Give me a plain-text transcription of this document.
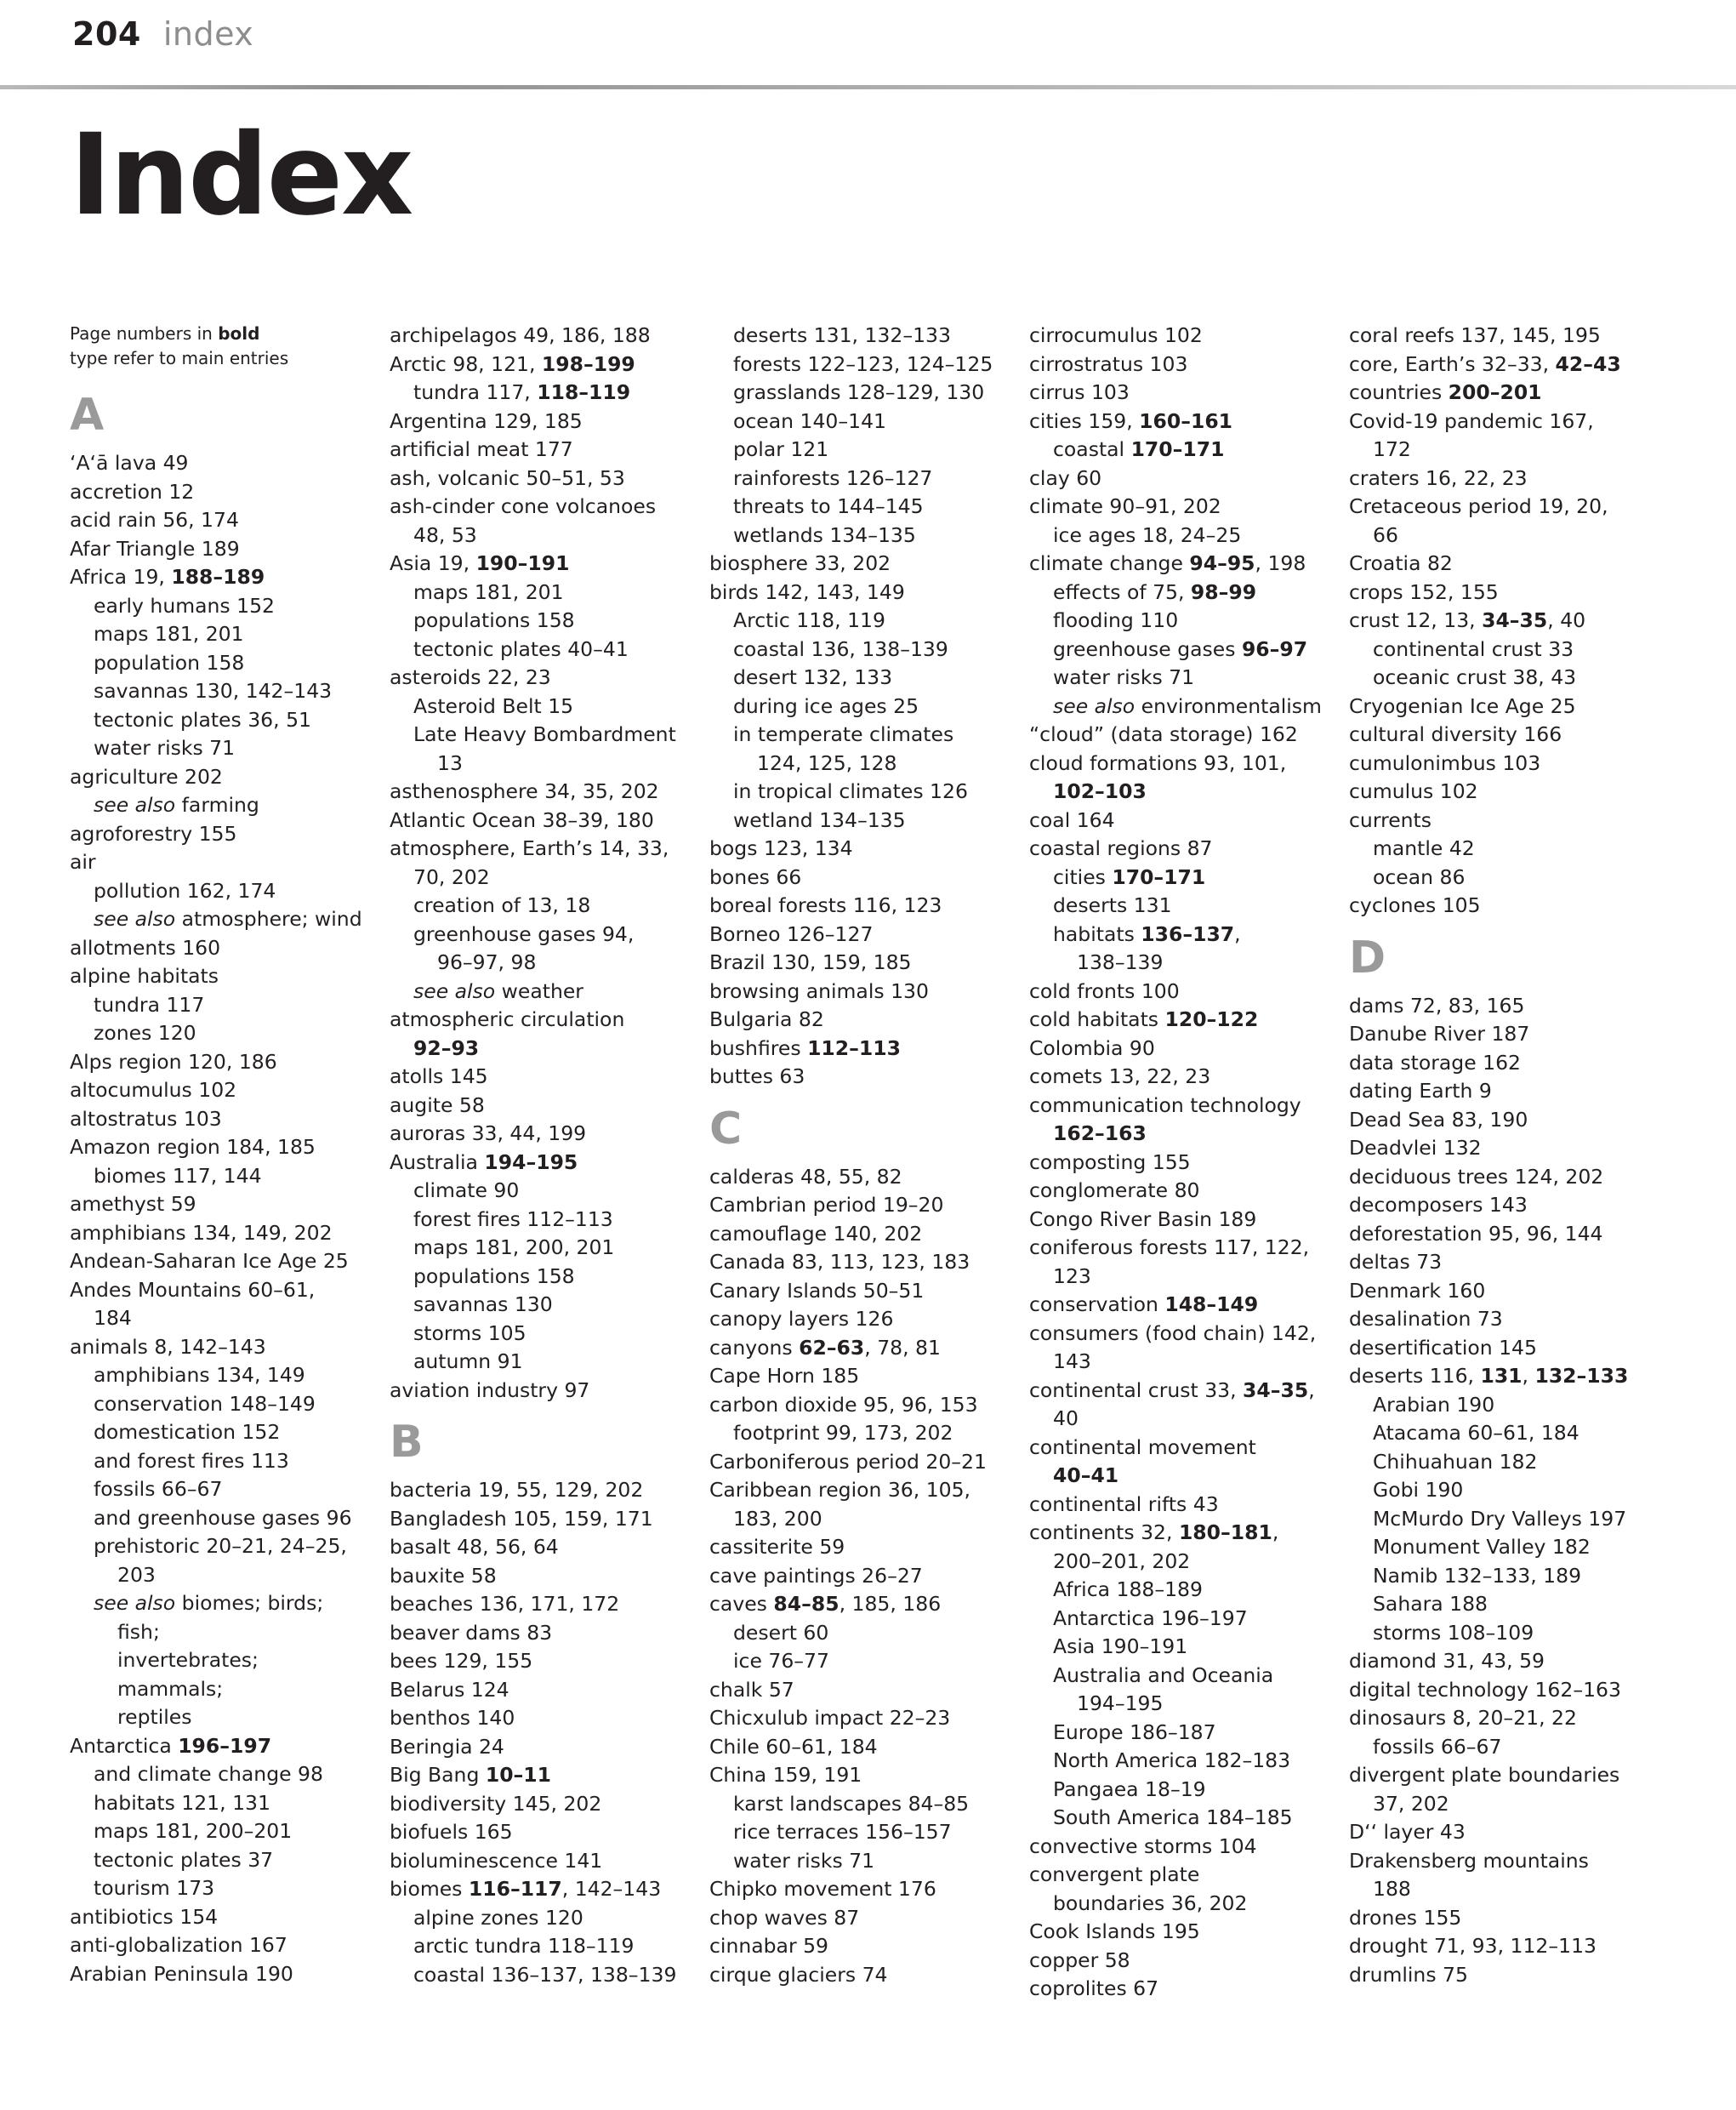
204 index
Index
Page numbers in bold
type refer to main entries
A
‘A‘ā lava 49
accretion 12
acid rain 56, 174
Afar Triangle 189
Africa 19, 188–189
early humans 152
maps 181, 201
population 158
savannas 130, 142–143
tectonic plates 36, 51
water risks 71
agriculture 202
see also farming
agroforestry 155
air
pollution 162, 174
see also atmosphere; wind
allotments 160
alpine habitats
tundra 117
zones 120
Alps region 120, 186
altocumulus 102
altostratus 103
Amazon region 184, 185
biomes 117, 144
amethyst 59
amphibians 134, 149, 202
Andean-Saharan Ice Age 25
Andes Mountains 60–61,
184
animals 8, 142–143
amphibians 134, 149
conservation 148–149
domestication 152
and forest fires 113
fossils 66–67
and greenhouse gases 96
prehistoric 20–21, 24–25,
203
see also biomes; birds;
fish;
invertebrates;
mammals;
reptiles
Antarctica 196–197
and climate change 98
habitats 121, 131
maps 181, 200–201
tectonic plates 37
tourism 173
antibiotics 154
anti-globalization 167
Arabian Peninsula 190
archipelagos 49, 186, 188
Arctic 98, 121, 198–199
tundra 117, 118–119
Argentina 129, 185
artificial meat 177
ash, volcanic 50–51, 53
ash-cinder cone volcanoes
48, 53
Asia 19, 190–191
maps 181, 201
populations 158
tectonic plates 40–41
asteroids 22, 23
Asteroid Belt 15
Late Heavy Bombardment
13
asthenosphere 34, 35, 202
Atlantic Ocean 38–39, 180
atmosphere, Earth’s 14, 33,
70, 202
creation of 13, 18
greenhouse gases 94,
96–97, 98
see also weather
atmospheric circulation
92–93
atolls 145
augite 58
auroras 33, 44, 199
Australia 194–195
climate 90
forest fires 112–113
maps 181, 200, 201
populations 158
savannas 130
storms 105
autumn 91
aviation industry 97
B
bacteria 19, 55, 129, 202
Bangladesh 105, 159, 171
basalt 48, 56, 64
bauxite 58
beaches 136, 171, 172
beaver dams 83
bees 129, 155
Belarus 124
benthos 140
Beringia 24
Big Bang 10–11
biodiversity 145, 202
biofuels 165
bioluminescence 141
biomes 116–117, 142–143
alpine zones 120
arctic tundra 118–119
coastal 136–137, 138–139
deserts 131, 132–133
forests 122–123, 124–125
grasslands 128–129, 130
ocean 140–141
polar 121
rainforests 126–127
threats to 144–145
wetlands 134–135
biosphere 33, 202
birds 142, 143, 149
Arctic 118, 119
coastal 136, 138–139
desert 132, 133
during ice ages 25
in temperate climates
124, 125, 128
in tropical climates 126
wetland 134–135
bogs 123, 134
bones 66
boreal forests 116, 123
Borneo 126–127
Brazil 130, 159, 185
browsing animals 130
Bulgaria 82
bushfires 112–113
buttes 63
C
calderas 48, 55, 82
Cambrian period 19–20
camouflage 140, 202
Canada 83, 113, 123, 183
Canary Islands 50–51
canopy layers 126
canyons 62–63, 78, 81
Cape Horn 185
carbon dioxide 95, 96, 153
footprint 99, 173, 202
Carboniferous period 20–21
Caribbean region 36, 105,
183, 200
cassiterite 59
cave paintings 26–27
caves 84–85, 185, 186
desert 60
ice 76–77
chalk 57
Chicxulub impact 22–23
Chile 60–61, 184
China 159, 191
karst landscapes 84–85
rice terraces 156–157
water risks 71
Chipko movement 176
chop waves 87
cinnabar 59
cirque glaciers 74
cirrocumulus 102
cirrostratus 103
cirrus 103
cities 159, 160–161
coastal 170–171
clay 60
climate 90–91, 202
ice ages 18, 24–25
climate change 94–95, 198
effects of 75, 98–99
flooding 110
greenhouse gases 96–97
water risks 71
see also environmentalism
“cloud” (data storage) 162
cloud formations 93, 101,
102–103
coal 164
coastal regions 87
cities 170–171
deserts 131
habitats 136–137,
138–139
cold fronts 100
cold habitats 120–122
Colombia 90
comets 13, 22, 23
communication technology
162–163
composting 155
conglomerate 80
Congo River Basin 189
coniferous forests 117, 122,
123
conservation 148–149
consumers (food chain) 142,
143
continental crust 33, 34–35,
40
continental movement
40–41
continental rifts 43
continents 32, 180–181,
200–201, 202
Africa 188–189
Antarctica 196–197
Asia 190–191
Australia and Oceania
194–195
Europe 186–187
North America 182–183
Pangaea 18–19
South America 184–185
convective storms 104
convergent plate
boundaries 36, 202
Cook Islands 195
copper 58
coprolites 67
coral reefs 137, 145, 195
core, Earth’s 32–33, 42–43
countries 200–201
Covid-19 pandemic 167,
172
craters 16, 22, 23
Cretaceous period 19, 20,
66
Croatia 82
crops 152, 155
crust 12, 13, 34–35, 40
continental crust 33
oceanic crust 38, 43
Cryogenian Ice Age 25
cultural diversity 166
cumulonimbus 103
cumulus 102
currents
mantle 42
ocean 86
cyclones 105
D
dams 72, 83, 165
Danube River 187
data storage 162
dating Earth 9
Dead Sea 83, 190
Deadvlei 132
deciduous trees 124, 202
decomposers 143
deforestation 95, 96, 144
deltas 73
Denmark 160
desalination 73
desertification 145
deserts 116, 131, 132–133
Arabian 190
Atacama 60–61, 184
Chihuahuan 182
Gobi 190
McMurdo Dry Valleys 197
Monument Valley 182
Namib 132–133, 189
Sahara 188
storms 108–109
diamond 31, 43, 59
digital technology 162–163
dinosaurs 8, 20–21, 22
fossils 66–67
divergent plate boundaries
37, 202
D‘‘ layer 43
Drakensberg mountains
188
drones 155
drought 71, 93, 112–113
drumlins 75
